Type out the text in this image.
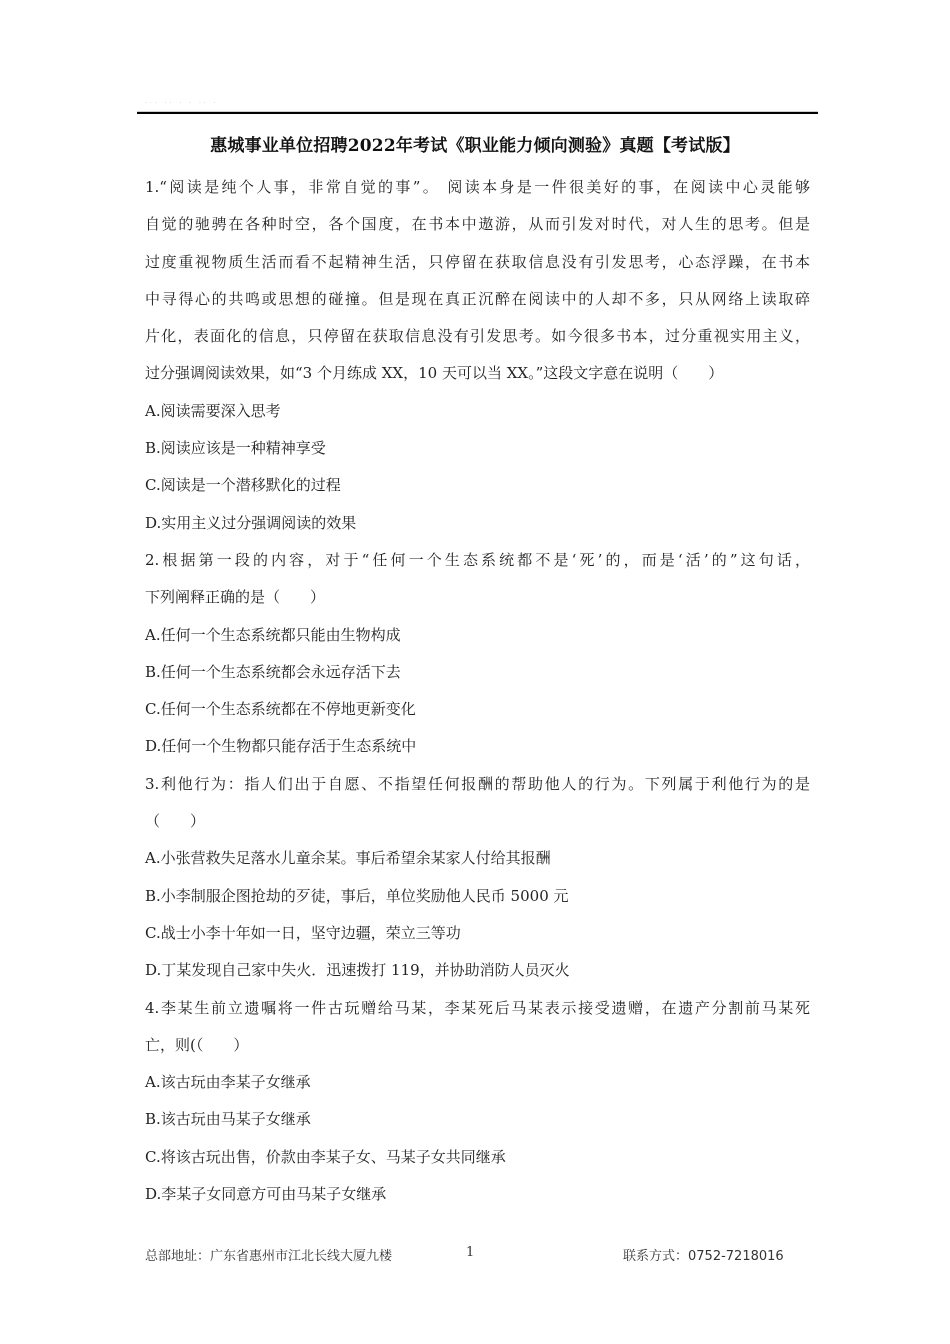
··· ·· · · ·· ·
惠城事业单位招聘2022年考试《职业能力倾向测验》真题【考试版】
1.“阅读是纯个人事，非常自觉的事”。 阅读本身是一件很美好的事，在阅读中心灵能够
自觉的驰骋在各种时空，各个国度，在书本中遨游，从而引发对时代，对人生的思考。但是
过度重视物质生活而看不起精神生活，只停留在获取信息没有引发思考，心态浮躁，在书本
中寻得心的共鸣或思想的碰撞。但是现在真正沉醉在阅读中的人却不多，只从网络上读取碎
片化，表面化的信息，只停留在获取信息没有引发思考。如今很多书本，过分重视实用主义，
过分强调阅读效果，如“3 个月练成 XX，10 天可以当 XX。”这段文字意在说明（　　）
A.阅读需要深入思考
B.阅读应该是一种精神享受
C.阅读是一个潜移默化的过程
D.实用主义过分强调阅读的效果
2.根据第一段的内容，对于“任何一个生态系统都不是‘死’的，而是‘活’的”这句话，
下列阐释正确的是（　　）
A.任何一个生态系统都只能由生物构成
B.任何一个生态系统都会永远存活下去
C.任何一个生态系统都在不停地更新变化
D.任何一个生物都只能存活于生态系统中
3.利他行为：指人们出于自愿、不指望任何报酬的帮助他人的行为。下列属于利他行为的是
（　　）
A.小张营救失足落水儿童余某。事后希望余某家人付给其报酬
B.小李制服企图抢劫的歹徒，事后，单位奖励他人民币 5000 元
C.战士小李十年如一日，坚守边疆，荣立三等功
D.丁某发现自己家中失火．迅速拨打 119，并协助消防人员灭火
4.李某生前立遗嘱将一件古玩赠给马某，李某死后马某表示接受遗赠，在遗产分割前马某死
亡，则(（　　）
A.该古玩由李某子女继承
B.该古玩由马某子女继承
C.将该古玩出售，价款由李某子女、马某子女共同继承
D.李某子女同意方可由马某子女继承
总部地址：广东省惠州市江北长线大厦九楼	1	联系方式：0752-7218016
